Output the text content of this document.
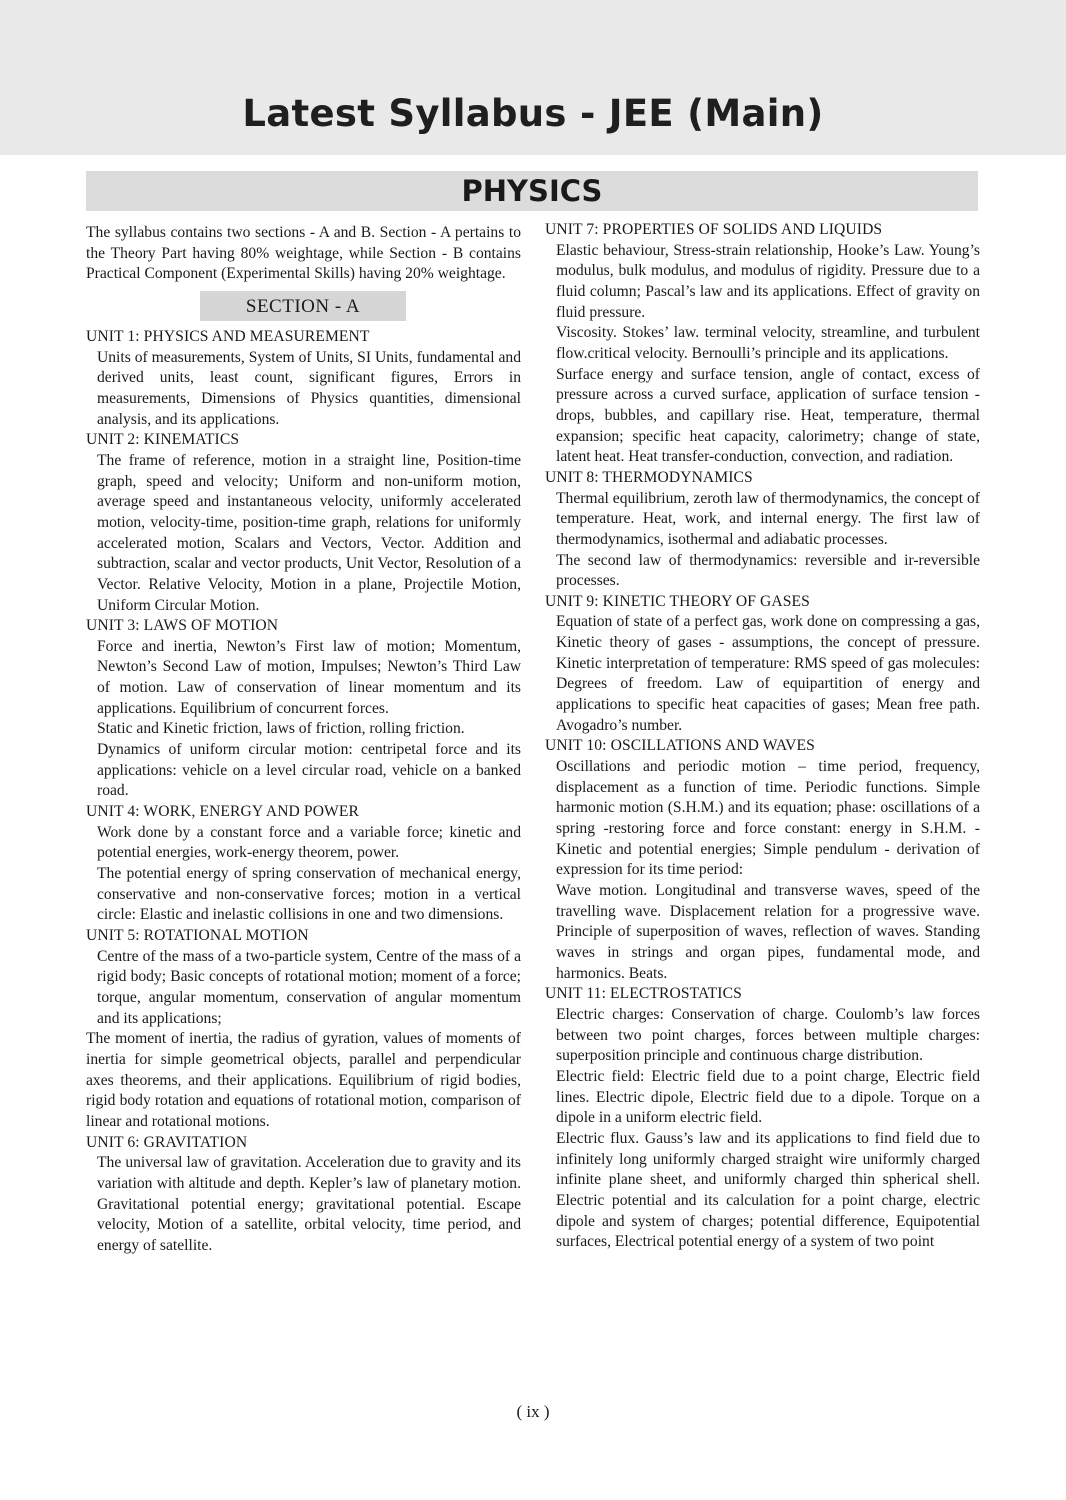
Latest Syllabus - JEE (Main)
PHYSICS

The syllabus contains two sections - A and B. Section - A pertains to the Theory Part having 80% weightage, while Section - B contains Practical Component (Experimental Skills) having 20% weightage.

SECTION - A
UNIT 1: PHYSICS AND MEASUREMENT

Units of measurements, System of Units, SI Units, fundamental and derived units, least count, significant figures, Errors in measurements, Dimensions of Physics quantities, dimensional analysis, and its applications.

UNIT 2: KINEMATICS

The frame of reference, motion in a straight line, Position-time graph, speed and velocity; Uniform and non-uniform motion, average speed and instantaneous velocity, uniformly accelerated motion, velocity-time, position-time graph, relations for uniformly accelerated motion, Scalars and Vectors, Vector. Addition and subtraction, scalar and vector products, Unit Vector, Resolution of a Vector. Relative Velocity, Motion in a plane, Projectile Motion, Uniform Circular Motion.

UNIT 3: LAWS OF MOTION

Force and inertia, Newton’s First law of motion; Momentum, Newton’s Second Law of motion, Impulses; Newton’s Third Law of motion. Law of conservation of linear momentum and its applications. Equilibrium of concurrent forces.

Static and Kinetic friction, laws of friction, rolling friction.

Dynamics of uniform circular motion: centripetal force and its applications: vehicle on a level circular road, vehicle on a banked road.

UNIT 4: WORK, ENERGY AND POWER

Work done by a constant force and a variable force; kinetic and potential energies, work-energy theorem, power.

The potential energy of spring conservation of mechanical energy, conservative and non-conservative forces; motion in a vertical circle: Elastic and inelastic collisions in one and two dimensions.

UNIT 5: ROTATIONAL MOTION

Centre of the mass of a two-particle system, Centre of the mass of a rigid body; Basic concepts of rotational motion; moment of a force; torque, angular momentum, conservation of angular momentum and its applications;

The moment of inertia, the radius of gyration, values of moments of inertia for simple geometrical objects, parallel and perpendicular axes theorems, and their applications. Equilibrium of rigid bodies, rigid body rotation and equations of rotational motion, comparison of linear and rotational motions.

UNIT 6: GRAVITATION

The universal law of gravitation. Acceleration due to gravity and its variation with altitude and depth. Kepler’s law of planetary motion. Gravitational potential energy; gravitational potential. Escape velocity, Motion of a satellite, orbital velocity, time period, and energy of satellite.

UNIT 7: PROPERTIES OF SOLIDS AND LIQUIDS

Elastic behaviour, Stress-strain relationship, Hooke’s Law. Young’s modulus, bulk modulus, and modulus of rigidity. Pressure due to a fluid column; Pascal’s law and its applications. Effect of gravity on fluid pressure.

Viscosity. Stokes’ law. terminal velocity, streamline, and turbulent flow.critical velocity. Bernoulli’s principle and its applications.

Surface energy and surface tension, angle of contact, excess of pressure across a curved surface, application of surface tension - drops, bubbles, and capillary rise. Heat, temperature, thermal expansion; specific heat capacity, calorimetry; change of state, latent heat. Heat transfer-conduction, convection, and radiation.

UNIT 8: THERMODYNAMICS

Thermal equilibrium, zeroth law of thermodynamics, the concept of temperature. Heat, work, and internal energy. The first law of thermodynamics, isothermal and adiabatic processes.

The second law of thermodynamics: reversible and ir-reversible processes.

UNIT 9: KINETIC THEORY OF GASES

Equation of state of a perfect gas, work done on compressing a gas, Kinetic theory of gases - assumptions, the concept of pressure. Kinetic interpretation of temperature: RMS speed of gas molecules: Degrees of freedom. Law of equipartition of energy and applications to specific heat capacities of gases; Mean free path. Avogadro’s number.

UNIT 10: OSCILLATIONS AND WAVES

Oscillations and periodic motion – time period, frequency, displacement as a function of time. Periodic functions. Simple harmonic motion (S.H.M.) and its equation; phase: oscillations of a spring -restoring force and force constant: energy in S.H.M. - Kinetic and potential energies; Simple pendulum - derivation of expression for its time period:

Wave motion. Longitudinal and transverse waves, speed of the travelling wave. Displacement relation for a progressive wave. Principle of superposition of waves, reflection of waves. Standing waves in strings and organ pipes, fundamental mode, and harmonics. Beats.

UNIT 11: ELECTROSTATICS

Electric charges: Conservation of charge. Coulomb’s law forces between two point charges, forces between multiple charges: superposition principle and continuous charge distribution.

Electric field: Electric field due to a point charge, Electric field lines. Electric dipole, Electric field due to a dipole. Torque on a dipole in a uniform electric field.

Electric flux. Gauss’s law and its applications to find field due to infinitely long uniformly charged straight wire uniformly charged infinite plane sheet, and uniformly charged thin spherical shell. Electric potential and its calculation for a point charge, electric dipole and system of charges; potential difference, Equipotential surfaces, Electrical potential energy of a system of two point

( ix )
